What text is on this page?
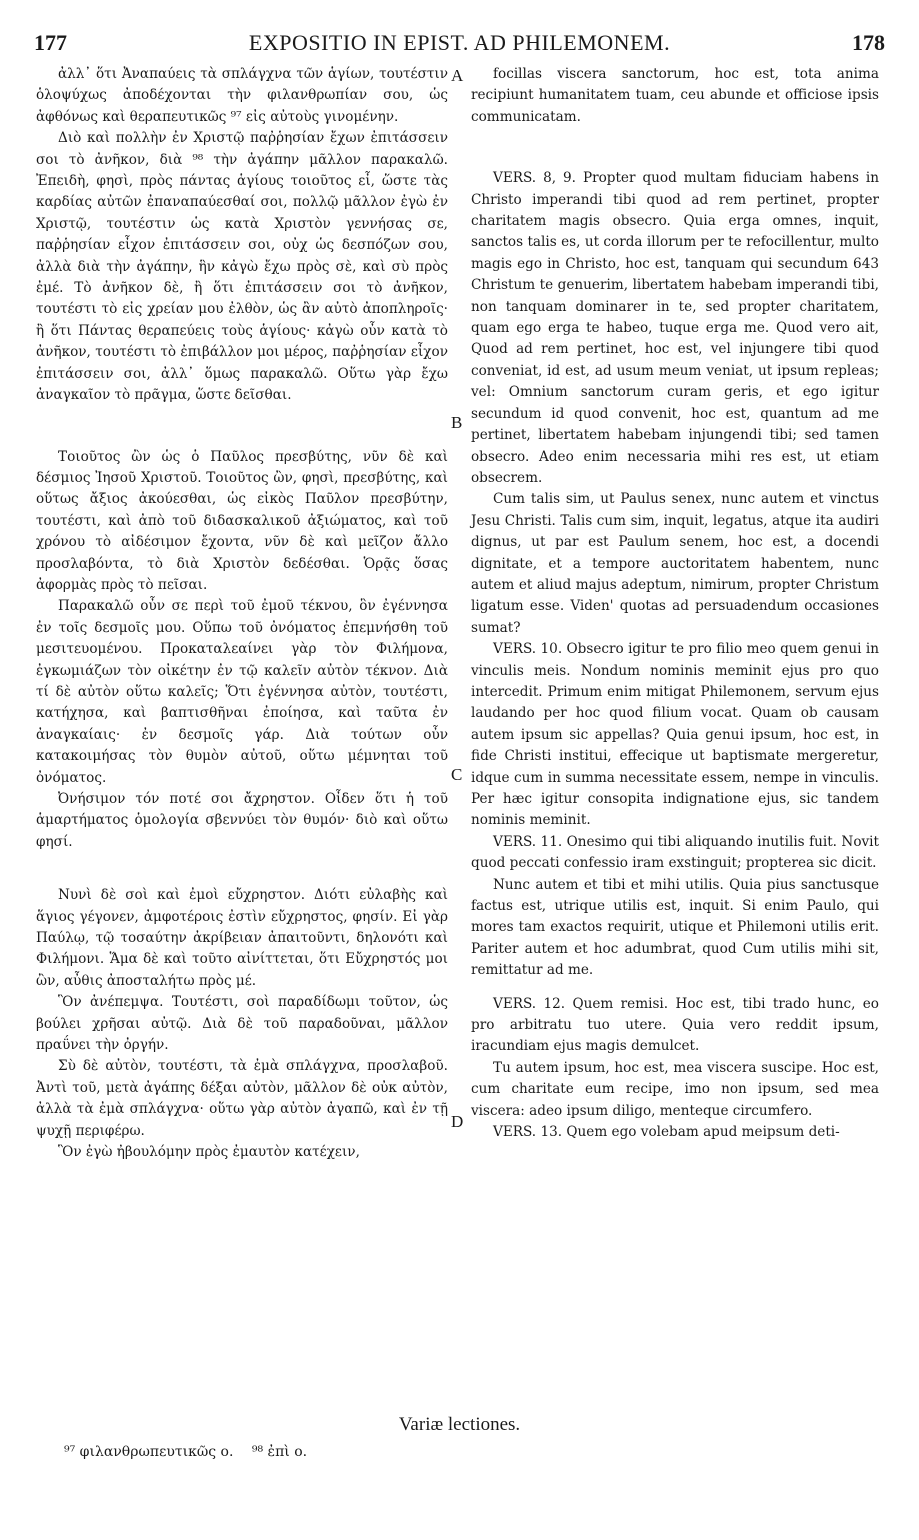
177	EXPOSITIO IN EPIST. AD PHILEMONEM.	178
ἀλλ᾽ ὅτι Ἀναπαύεις τὰ σπλάγχνα τῶν ἁγίων, τουτέστιν ὁλοψύχως ἀποδέχονται τὴν φιλανθρωπίαν σου, ὡς ἀφθόνως καὶ θεραπευτικῶς ⁹⁷ εἰς αὐτοὺς γινομένην.
Διὸ καὶ πολλὴν ἐν Χριστῷ παῤῥησίαν ἔχων ἐπιτάσσειν σοι τὸ ἀνῆκον, διὰ ⁹⁸ τὴν ἀγάπην μᾶλλον παρακαλῶ. Ἐπειδὴ, φησὶ, πρὸς πάντας ἁγίους τοιοῦτος εἶ, ὥστε τὰς καρδίας αὐτῶν ἐπαναπαύεσθαί σοι, πολλῷ μᾶλλον ἐγὼ ἐν Χριστῷ, τουτέστιν ὡς κατὰ Χριστὸν γεννήσας σε, παῤῥησίαν εἶχον ἐπιτάσσειν σοι, οὐχ ὡς δεσπόζων σου, ἀλλὰ διὰ τὴν ἀγάπην, ἣν κἀγὼ ἔχω πρὸς σὲ, καὶ σὺ πρὸς ἐμέ. Τὸ ἀνῆκον δὲ, ἢ ὅτι ἐπιτάσσειν σοι τὸ ἀνῆκον, τουτέστι τὸ εἰς χρείαν μου ἐλθὸν, ὡς ἂν αὐτὸ ἀποπληροῖς· ἢ ὅτι Πάντας θεραπεύεις τοὺς ἁγίους· κἀγὼ οὖν κατὰ τὸ ἀνῆκον, τουτέστι τὸ ἐπιβάλλον μοι μέρος, παῤῥησίαν εἶχον ἐπιτάσσειν σοι, ἀλλ᾽ ὅμως παρακαλῶ. Οὕτω γὰρ ἔχω ἀναγκαῖον τὸ πρᾶγμα, ὥστε δεῖσθαι.
Τοιοῦτος ὢν ὡς ὁ Παῦλος πρεσβύτης, νῦν δὲ καὶ δέσμιος Ἰησοῦ Χριστοῦ. Τοιοῦτος ὢν, φησὶ, πρεσβύτης, καὶ οὕτως ἄξιος ἀκούεσθαι, ὡς εἰκὸς Παῦλον πρεσβύτην, τουτέστι, καὶ ἀπὸ τοῦ διδασκαλικοῦ ἀξιώματος, καὶ τοῦ χρόνου τὸ αἰδέσιμον ἔχοντα, νῦν δὲ καὶ μεῖζον ἄλλο προσλαβόντα, τὸ διὰ Χριστὸν δεδέσθαι. Ὁρᾷς ὅσας ἀφορμὰς πρὸς τὸ πεῖσαι.
Παρακαλῶ οὖν σε περὶ τοῦ ἐμοῦ τέκνου, ὃν ἐγέννησα ἐν τοῖς δεσμοῖς μου. Οὕπω τοῦ ὀνόματος ἐπεμνήσθη τοῦ μεσιτευομένου. Προκαταλεαίνει γὰρ τὸν Φιλήμονα, ἐγκωμιάζων τὸν οἰκέτην ἐν τῷ καλεῖν αὐτὸν τέκνον. Διὰ τί δὲ αὐτὸν οὕτω καλεῖς; Ὅτι ἐγέννησα αὐτὸν, τουτέστι, κατήχησα, καὶ βαπτισθῆναι ἐποίησα, καὶ ταῦτα ἐν ἀναγκαίαις· ἐν δεσμοῖς γάρ. Διὰ τούτων οὖν κατακοιμήσας τὸν θυμὸν αὐτοῦ, οὕτω μέμνηται τοῦ ὀνόματος.
Ὀνήσιμον τόν ποτέ σοι ἄχρηστον. Οἶδεν ὅτι ἡ τοῦ ἁμαρτήματος ὁμολογία σβεννύει τὸν θυμόν· διὸ καὶ οὕτω φησί.
Νυνὶ δὲ σοὶ καὶ ἐμοὶ εὔχρηστον. Διότι εὐλαβὴς καὶ ἅγιος γέγονεν, ἀμφοτέροις ἐστὶν εὔχρηστος, φησίν. Εἰ γὰρ Παύλῳ, τῷ τοσαύτην ἀκρίβειαν ἀπαιτοῦντι, δηλονότι καὶ Φιλήμονι. Ἅμα δὲ καὶ τοῦτο αἰνίττεται, ὅτι Εὔχρηστός μοι ὢν, αὖθις ἀποσταλήτω πρὸς μέ.
Ὃν ἀνέπεμψα. Τουτέστι, σοὶ παραδίδωμι τοῦτον, ὡς βούλει χρῆσαι αὐτῷ. Διὰ δὲ τοῦ παραδοῦναι, μᾶλλον πραΰνει τὴν ὀργήν.
Σὺ δὲ αὐτὸν, τουτέστι, τὰ ἐμὰ σπλάγχνα, προσλαβοῦ. Ἀντὶ τοῦ, μετὰ ἀγάπης δέξαι αὐτὸν, μᾶλλον δὲ οὐκ αὐτὸν, ἀλλὰ τὰ ἐμὰ σπλάγχνα· οὕτω γὰρ αὐτὸν ἀγαπῶ, καὶ ἐν τῇ ψυχῇ περιφέρω.
Ὃν ἐγὼ ἠβουλόμην πρὸς ἐμαυτὸν κατέχειν,
focillas viscera sanctorum, hoc est, tota anima recipiunt humanitatem tuam, ceu abunde et officiose ipsis communicatam.
VERS. 8, 9. Propter quod multam fiduciam habens in Christo imperandi tibi quod ad rem pertinet, propter charitatem magis obsecro. Quia erga omnes, inquit, sanctos talis es, ut corda illorum per te refocillentur, multo magis ego in Christo, hoc est, tanquam qui secundum 643 Christum te genuerim, libertatem habebam imperandi tibi, non tanquam dominarer in te, sed propter charitatem, quam ego erga te habeo, tuque erga me. Quod vero ait, Quod ad rem pertinet, hoc est, vel injungere tibi quod conveniat, id est, ad usum meum veniat, ut ipsum repleas; vel: Omnium sanctorum curam geris, et ego igitur secundum id quod convenit, hoc est, quantum ad me pertinet, libertatem habebam injungendi tibi; sed tamen obsecro. Adeo enim necessaria mihi res est, ut etiam obsecrem.
Cum talis sim, ut Paulus senex, nunc autem et vinctus Jesu Christi. Talis cum sim, inquit, legatus, atque ita audiri dignus, ut par est Paulum senem, hoc est, a docendi dignitate, et a tempore auctoritatem habentem, nunc autem et aliud majus adeptum, nimirum, propter Christum ligatum esse. Viden' quotas ad persuadendum occasiones sumat?
VERS. 10. Obsecro igitur te pro filio meo quem genui in vinculis meis. Nondum nominis meminit ejus pro quo intercedit. Primum enim mitigat Philemonem, servum ejus laudando per hoc quod filium vocat. Quam ob causam autem ipsum sic appellas? Quia genui ipsum, hoc est, in fide Christi institui, effecique ut baptismate mergeretur, idque cum in summa necessitate essem, nempe in vinculis. Per hæc igitur consopita indignatione ejus, sic tandem nominis meminit.
VERS. 11. Onesimo qui tibi aliquando inutilis fuit. Novit quod peccati confessio iram exstinguit; propterea sic dicit.
Nunc autem et tibi et mihi utilis. Quia pius sanctusque factus est, utrique utilis est, inquit. Si enim Paulo, qui mores tam exactos requirit, utique et Philemoni utilis erit. Pariter autem et hoc adumbrat, quod Cum utilis mihi sit, remittatur ad me.
VERS. 12. Quem remisi. Hoc est, tibi trado hunc, eo pro arbitratu tuo utere. Quia vero reddit ipsum, iracundiam ejus magis demulcet.
Tu autem ipsum, hoc est, mea viscera suscipe. Hoc est, cum charitate eum recipe, imo non ipsum, sed mea viscera: adeo ipsum diligo, menteque circumfero.
VERS. 13. Quem ego volebam apud meipsum deti-
A
B
C
D
Variæ lectiones.
⁹⁷ φιλανθρωπευτικῶς ο. ⁹⁸ ἐπὶ ο.
